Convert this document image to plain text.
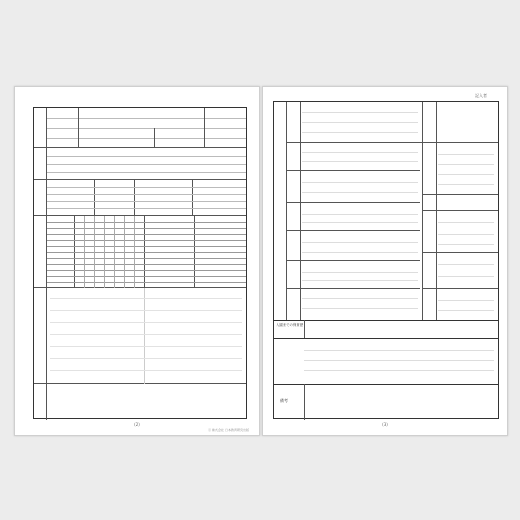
(2)
Ⓒ 株式会社 日本教育研究出版
記入者
入園までの保育歴
備考
(3)
